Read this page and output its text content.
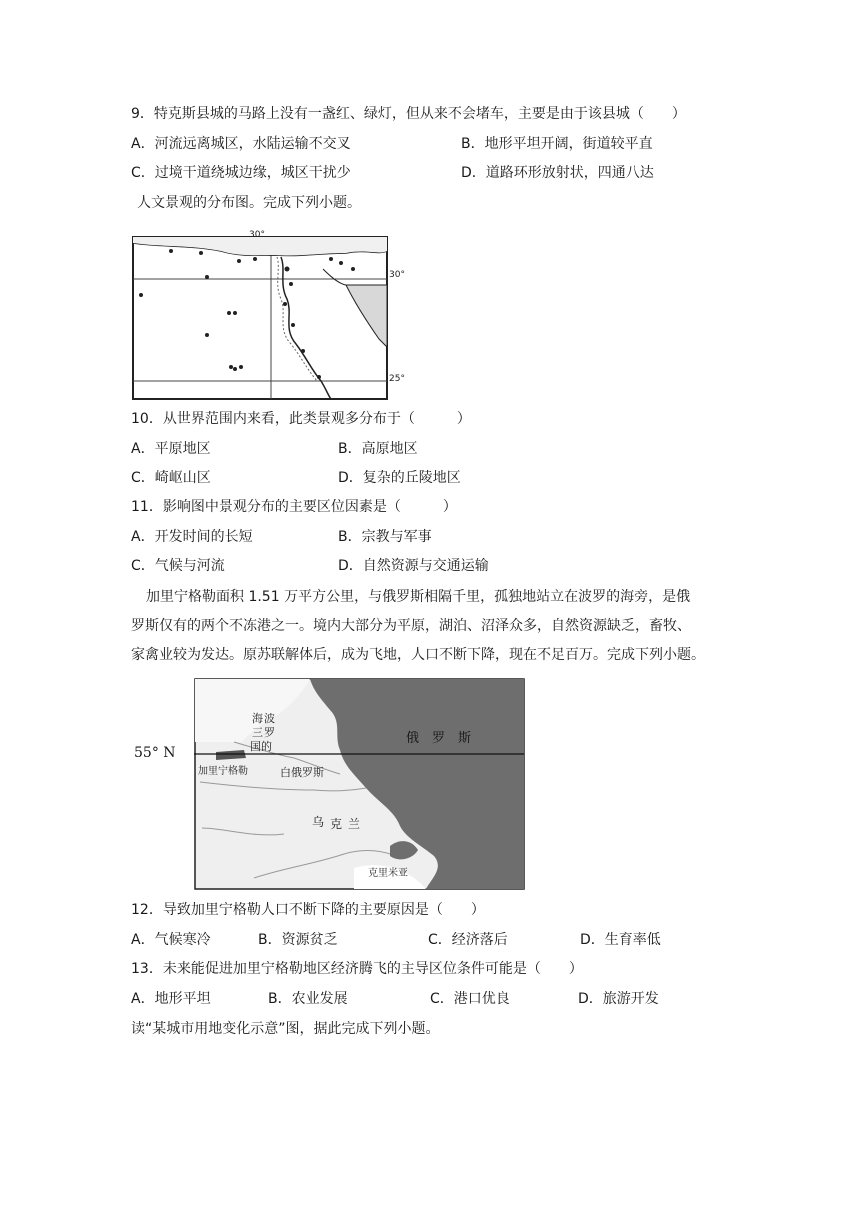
9．特克斯县城的马路上没有一盏红、绿灯，但从来不会堵车，主要是由于该县城（　　）
A．河流远离城区，水陆运输不交叉	B．地形平坦开阔，街道较平直
C．过境干道绕城边缘，城区干扰少	D．道路环形放射状，四通八达
人文景观的分布图。完成下列小题。
30°
30°
25°
10．从世界范围内来看，此类景观多分布于（　　　）
A．平原地区	B．高原地区
C．崎岖山区	D．复杂的丘陵地区
11．影响图中景观分布的主要区位因素是（　　　）
A．开发时间的长短	B．宗教与军事
C．气候与河流	D．自然资源与交通运输
加里宁格勒面积 1.51 万平方公里，与俄罗斯相隔千里，孤独地站立在波罗的海旁，是俄
罗斯仅有的两个不冻港之一。境内大部分为平原，湖泊、沼泽众多，自然资源缺乏，畜牧、
家禽业较为发达。原苏联解体后，成为飞地，人口不断下降，现在不足百万。完成下列小题。
55° N
海 波
三 罗
国的
俄　罗　斯
加里宁格勒	白俄罗斯
乌 克 兰
克里米亚
12．导致加里宁格勒人口不断下降的主要原因是（　　）
A．气候寒冷	B．资源贫乏	C．经济落后	D．生育率低
13．未来能促进加里宁格勒地区经济腾飞的主导区位条件可能是（　　）
A．地形平坦	B．农业发展	C．港口优良	D．旅游开发
读“某城市用地变化示意”图，据此完成下列小题。
